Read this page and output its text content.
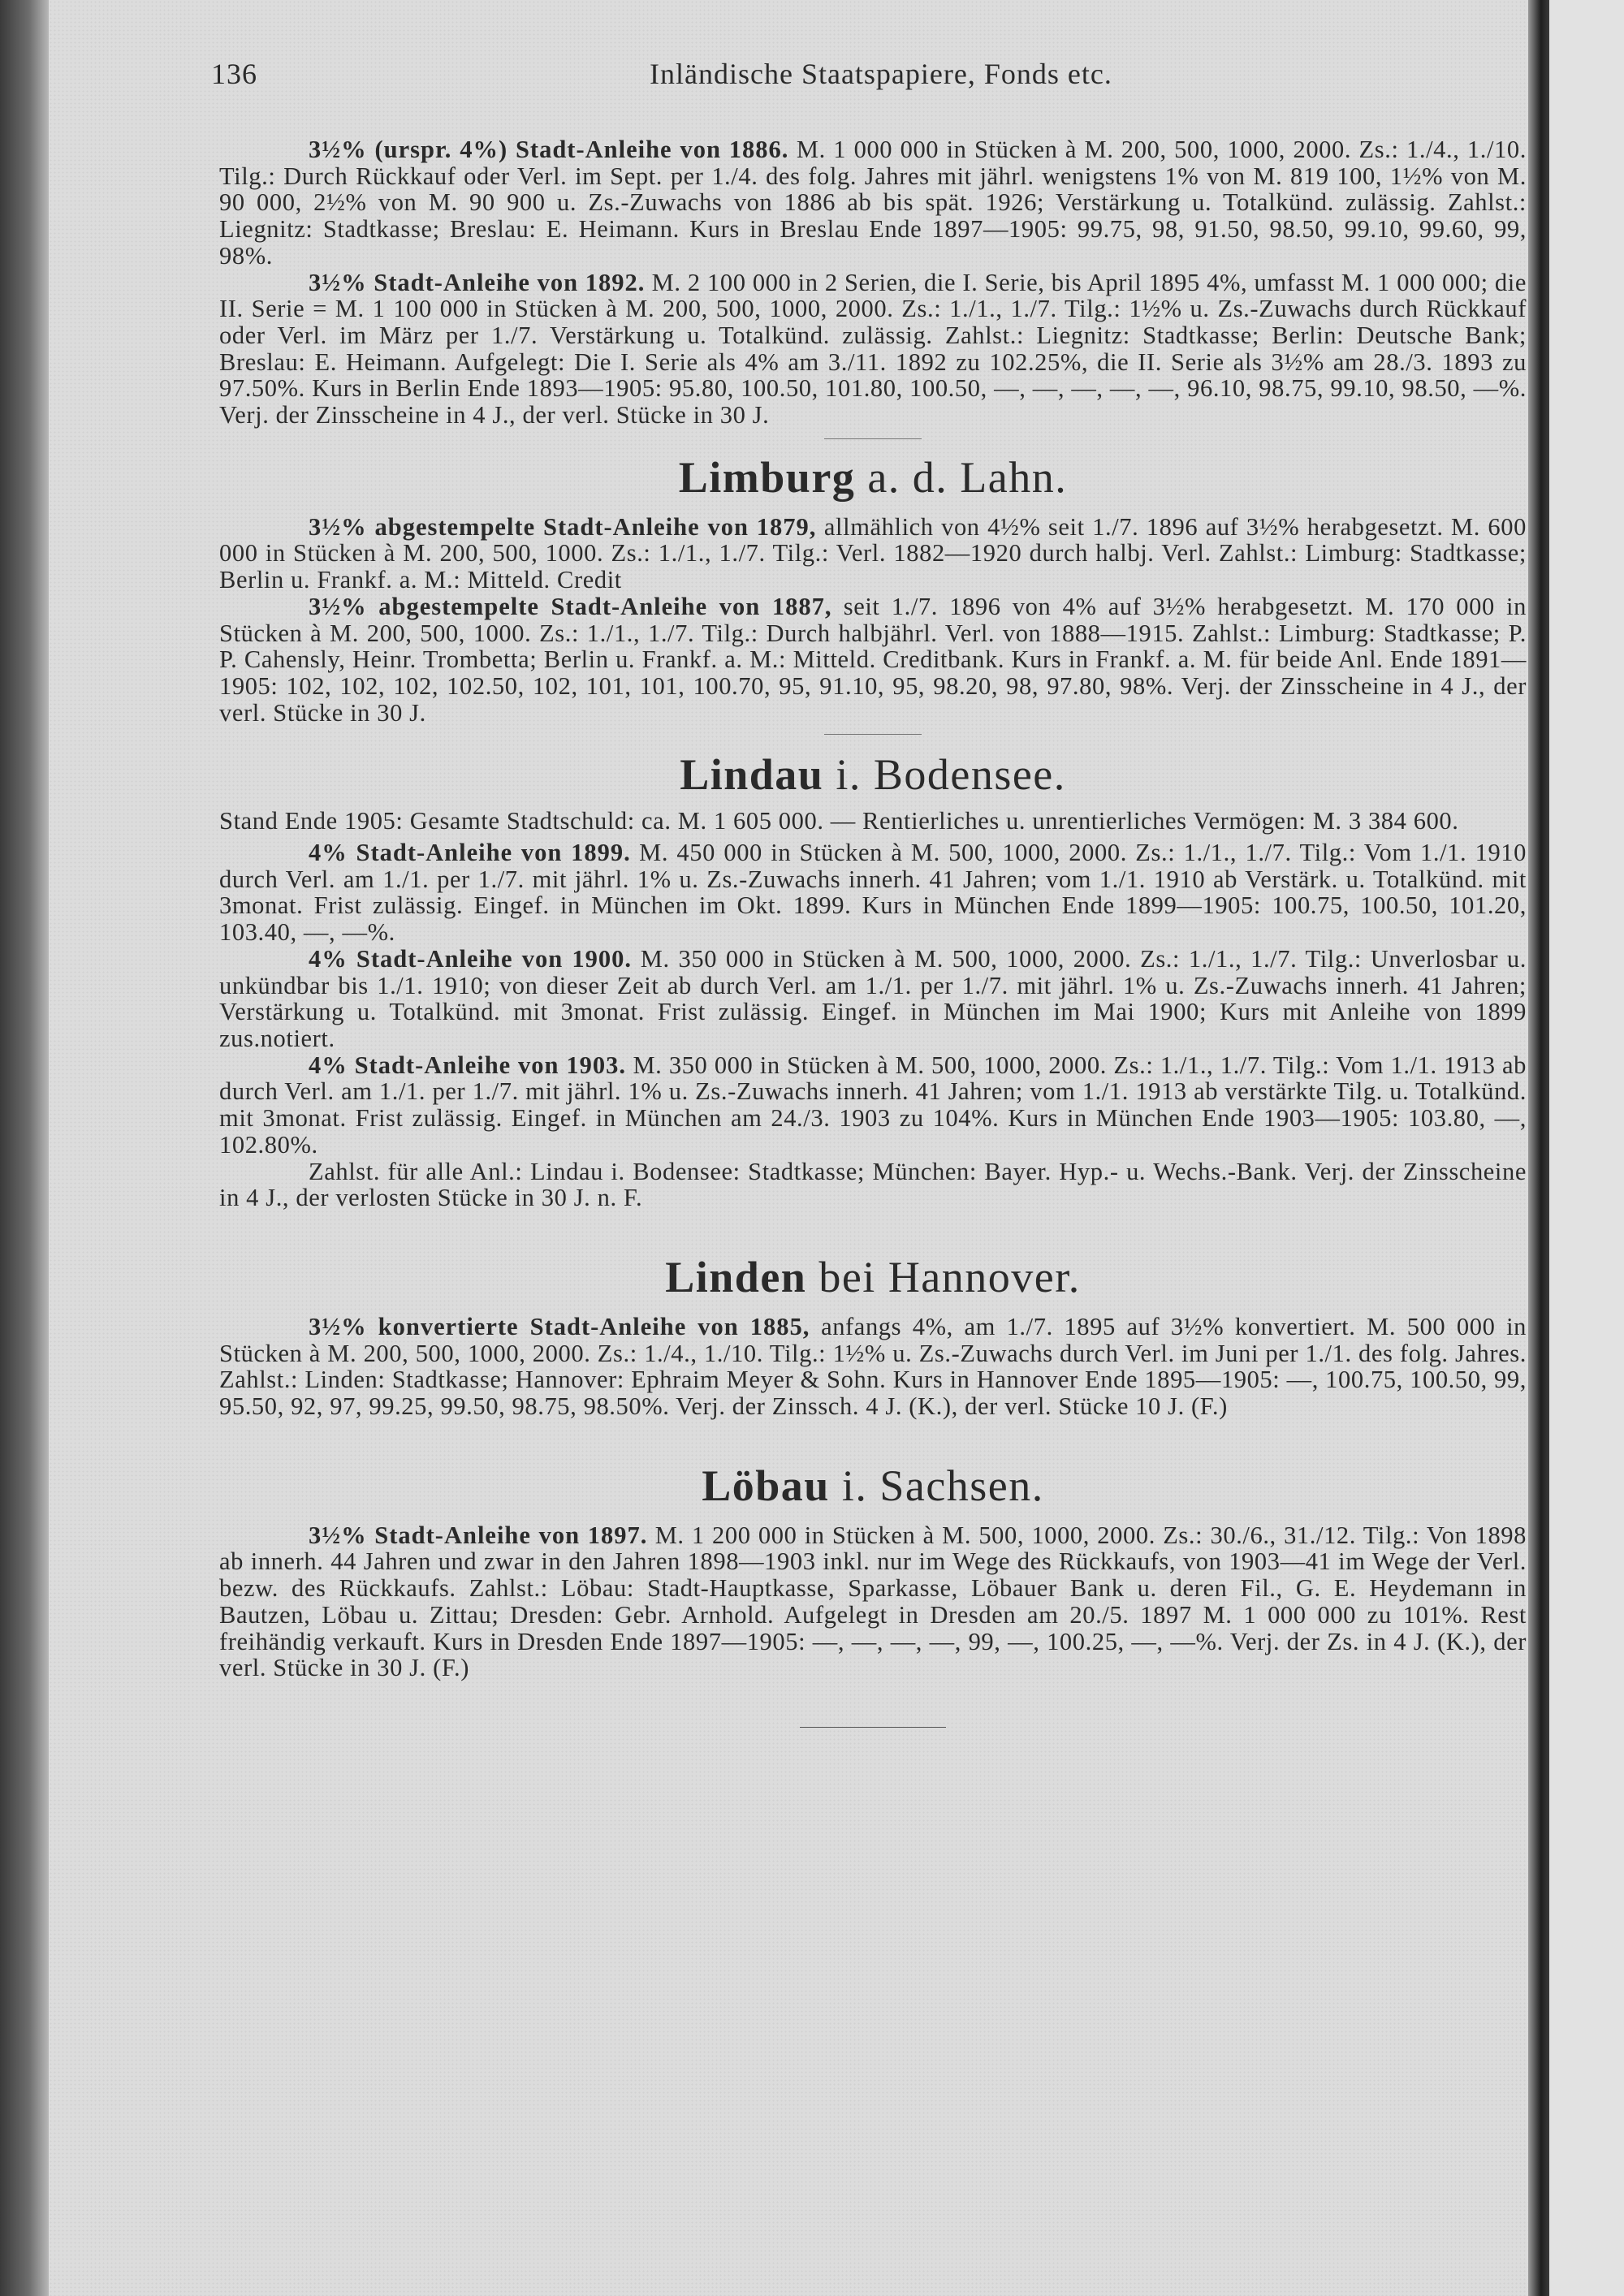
136	Inländische Staatspapiere, Fonds etc.

3½% (urspr. 4%) Stadt-Anleihe von 1886. M. 1 000 000 in Stücken à M. 200, 500, 1000, 2000. Zs.: 1./4., 1./10. Tilg.: Durch Rückkauf oder Verl. im Sept. per 1./4. des folg. Jahres mit jährl. wenigstens 1% von M. 819 100, 1½% von M. 90 000, 2½% von M. 90 900 u. Zs.-Zuwachs von 1886 ab bis spät. 1926; Verstärkung u. Totalkünd. zulässig. Zahlst.: Liegnitz: Stadtkasse; Breslau: E. Heimann. Kurs in Breslau Ende 1897—1905: 99.75, 98, 91.50, 98.50, 99.10, 99.60, 99, 98%.

3½% Stadt-Anleihe von 1892. M. 2 100 000 in 2 Serien, die I. Serie, bis April 1895 4%, umfasst M. 1 000 000; die II. Serie = M. 1 100 000 in Stücken à M. 200, 500, 1000, 2000. Zs.: 1./1., 1./7. Tilg.: 1½% u. Zs.-Zuwachs durch Rückkauf oder Verl. im März per 1./7. Verstärkung u. Totalkünd. zulässig. Zahlst.: Liegnitz: Stadtkasse; Berlin: Deutsche Bank; Breslau: E. Heimann. Aufgelegt: Die I. Serie als 4% am 3./11. 1892 zu 102.25%, die II. Serie als 3½% am 28./3. 1893 zu 97.50%. Kurs in Berlin Ende 1893—1905: 95.80, 100.50, 101.80, 100.50, —, —, —, —, —, 96.10, 98.75, 99.10, 98.50, —%. Verj. der Zinsscheine in 4 J., der verl. Stücke in 30 J.

Limburg a. d. Lahn.

3½% abgestempelte Stadt-Anleihe von 1879, allmählich von 4½% seit 1./7. 1896 auf 3½% herabgesetzt. M. 600 000 in Stücken à M. 200, 500, 1000. Zs.: 1./1., 1./7. Tilg.: Verl. 1882—1920 durch halbj. Verl. Zahlst.: Limburg: Stadtkasse; Berlin u. Frankf. a. M.: Mitteld. Credit

3½% abgestempelte Stadt-Anleihe von 1887, seit 1./7. 1896 von 4% auf 3½% herabgesetzt. M. 170 000 in Stücken à M. 200, 500, 1000. Zs.: 1./1., 1./7. Tilg.: Durch halbjährl. Verl. von 1888—1915. Zahlst.: Limburg: Stadtkasse; P. P. Cahensly, Heinr. Trombetta; Berlin u. Frankf. a. M.: Mitteld. Creditbank. Kurs in Frankf. a. M. für beide Anl. Ende 1891—1905: 102, 102, 102, 102.50, 102, 101, 101, 100.70, 95, 91.10, 95, 98.20, 98, 97.80, 98%. Verj. der Zinsscheine in 4 J., der verl. Stücke in 30 J.

Lindau i. Bodensee.

Stand Ende 1905: Gesamte Stadtschuld: ca. M. 1 605 000. — Rentierliches u. unrentierliches Vermögen: M. 3 384 600.

4% Stadt-Anleihe von 1899. M. 450 000 in Stücken à M. 500, 1000, 2000. Zs.: 1./1., 1./7. Tilg.: Vom 1./1. 1910 durch Verl. am 1./1. per 1./7. mit jährl. 1% u. Zs.-Zuwachs innerh. 41 Jahren; vom 1./1. 1910 ab Verstärk. u. Totalkünd. mit 3monat. Frist zulässig. Eingef. in München im Okt. 1899. Kurs in München Ende 1899—1905: 100.75, 100.50, 101.20, 103.40, —, —%.

4% Stadt-Anleihe von 1900. M. 350 000 in Stücken à M. 500, 1000, 2000. Zs.: 1./1., 1./7. Tilg.: Unverlosbar u. unkündbar bis 1./1. 1910; von dieser Zeit ab durch Verl. am 1./1. per 1./7. mit jährl. 1% u. Zs.-Zuwachs innerh. 41 Jahren; Verstärkung u. Totalkünd. mit 3monat. Frist zulässig. Eingef. in München im Mai 1900; Kurs mit Anleihe von 1899 zus.notiert.

4% Stadt-Anleihe von 1903. M. 350 000 in Stücken à M. 500, 1000, 2000. Zs.: 1./1., 1./7. Tilg.: Vom 1./1. 1913 ab durch Verl. am 1./1. per 1./7. mit jährl. 1% u. Zs.-Zuwachs innerh. 41 Jahren; vom 1./1. 1913 ab verstärkte Tilg. u. Totalkünd. mit 3monat. Frist zulässig. Eingef. in München am 24./3. 1903 zu 104%. Kurs in München Ende 1903—1905: 103.80, —, 102.80%.

Zahlst. für alle Anl.: Lindau i. Bodensee: Stadtkasse; München: Bayer. Hyp.- u. Wechs.-Bank. Verj. der Zinsscheine in 4 J., der verlosten Stücke in 30 J. n. F.

Linden bei Hannover.

3½% konvertierte Stadt-Anleihe von 1885, anfangs 4%, am 1./7. 1895 auf 3½% konvertiert. M. 500 000 in Stücken à M. 200, 500, 1000, 2000. Zs.: 1./4., 1./10. Tilg.: 1½% u. Zs.-Zuwachs durch Verl. im Juni per 1./1. des folg. Jahres. Zahlst.: Linden: Stadtkasse; Hannover: Ephraim Meyer & Sohn. Kurs in Hannover Ende 1895—1905: —, 100.75, 100.50, 99, 95.50, 92, 97, 99.25, 99.50, 98.75, 98.50%. Verj. der Zinssch. 4 J. (K.), der verl. Stücke 10 J. (F.)

Löbau i. Sachsen.

3½% Stadt-Anleihe von 1897. M. 1 200 000 in Stücken à M. 500, 1000, 2000. Zs.: 30./6., 31./12. Tilg.: Von 1898 ab innerh. 44 Jahren und zwar in den Jahren 1898—1903 inkl. nur im Wege des Rückkaufs, von 1903—41 im Wege der Verl. bezw. des Rückkaufs. Zahlst.: Löbau: Stadt-Hauptkasse, Sparkasse, Löbauer Bank u. deren Fil., G. E. Heydemann in Bautzen, Löbau u. Zittau; Dresden: Gebr. Arnhold. Aufgelegt in Dresden am 20./5. 1897 M. 1 000 000 zu 101%. Rest freihändig verkauft. Kurs in Dresden Ende 1897—1905: —, —, —, —, 99, —, 100.25, —, —%. Verj. der Zs. in 4 J. (K.), der verl. Stücke in 30 J. (F.)
